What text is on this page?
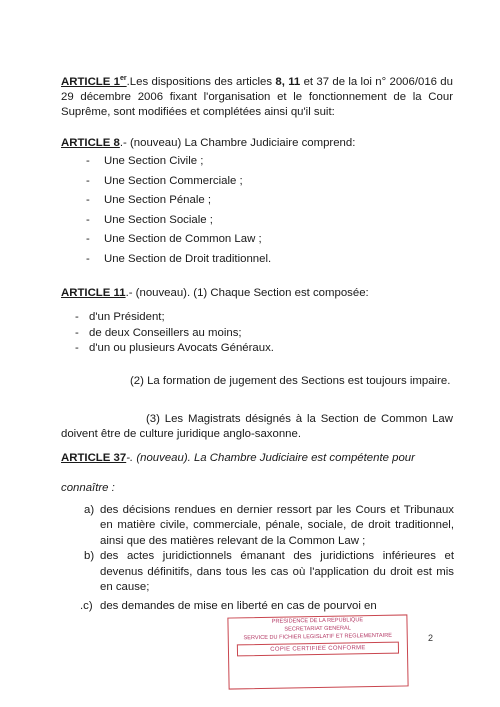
ARTICLE 1er.Les dispositions des articles 8, 11 et 37 de la loi n° 2006/016 du 29 décembre 2006 fixant l'organisation et le fonctionnement de la Cour Suprême, sont modifiées et complétées ainsi qu'il suit:
ARTICLE 8.- (nouveau) La Chambre Judiciaire comprend:
- Une Section Civile ;
- Une Section Commerciale ;
- Une Section Pénale ;
- Une Section Sociale ;
- Une Section de Common Law ;
- Une Section de Droit traditionnel.
ARTICLE 11.- (nouveau). (1) Chaque Section est composée:
- d'un Président;
- de deux Conseillers au moins;
- d'un ou plusieurs Avocats Généraux.
(2) La formation de jugement des Sections est toujours impaire.
(3) Les Magistrats désignés à la Section de Common Law doivent être de culture juridique anglo-saxonne.
ARTICLE 37-. (nouveau). La Chambre Judiciaire est compétente pour
connaître :
a) des décisions rendues en dernier ressort par les Cours et Tribunaux en matière civile, commerciale, pénale, sociale, de droit traditionnel, ainsi que des matières relevant de la Common Law ;
b) des actes juridictionnels émanant des juridictions inférieures et devenus définitifs, dans tous les cas où l'application du droit est mis en cause;
.c) des demandes de mise en liberté en cas de pourvoi en
PRESIDENCE DE LA REPUBLIQUE
SECRETARIAT GENERAL
SERVICE DU FICHIER LEGISLATIF ET REGLEMENTAIRE
COPIE CERTIFIEE CONFORME
2
